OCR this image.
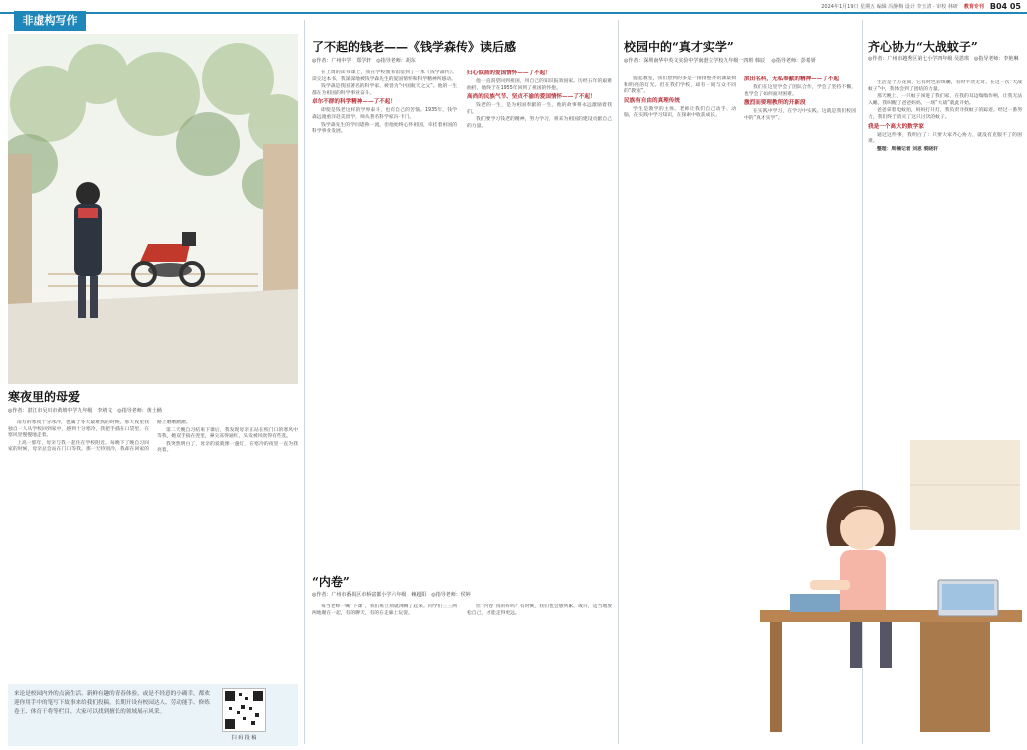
非虚构写作
2024年1月19日 星期五 编辑 冯静梅 设计 李玉清 · 审校 林研 教育专刊 B04 05
寒夜里的母爱
◎作者：湛江市吴川市黄坡中学九年级　李靖文　◎指导老师：黄土桶

南方的寒夜十分冰冷，也属于冬天最难熬的时候。那天夜里我独自一人从学校回到家中，感到十分寒冷，我把手插在口袋里，在寒风里慢慢地走着。

上高一那年，母亲与我一起住在学校附近。每晚下了晚自习回家的时候，母亲总会站在门口等我。那一天特别冷，我却在回家的路上磨磨蹭蹭。

第二天晚自习结束下课后，我发现母亲正站在校门口的寒风中等我。她双手揣在兜里，鼻尖冻得通红，头发被风吹得有些乱。

我突然明白了，母亲的爱就像一盏灯，在寒冷的夜里一直为我亮着。

来论是校园内外的点滴生活、新鲜有趣的青春体验，或是不经意的小确幸，都欢迎你用手中的笔写下故事来给我们投稿。长期开设有校园达人、劳动能手、修炼卷王、体育干将等栏目，大家可以找到擅长的领域展示风采。
扫 码 投 稿
了不起的钱老——《钱学森传》读后感
◎作者：广州中学　郑学轩　◎指导老师：胡东

在上周的读书课上，我在学校图书馆借到了一本《钱学森传》。读完这本书，我深深地被钱学森先生的爱国情怀和科学精神所感动。

钱学森是我国著名的科学家，被誉为“中国航天之父”。他的一生都在为祖国的科学事业奋斗。

卓尔不群的科学精神——了不起！

即使是钱老这样的学界泰斗，也有自己的苦恼。1935年，钱学森远渡重洋赴美留学，师从著名科学家冯·卡门。

钱学森先生的学问堪称一流，但他始终心怀祖国，牵挂着祖国的科学事业发展。

归心似箭的爱国情怀——了不起！

他一直渴望回到祖国，用自己的知识报效国家。历经五年的艰难曲折，他终于在1955年回到了祖国的怀抱。

高尚的民族气节、坚贞不渝的爱国情怀——了不起！

钱老的一生，是为祖国奉献的一生。他的故事将永远激励着我们。

我们要学习钱老的精神，努力学习，将来为祖国的建设贡献自己的力量。

“内卷”
◎作者：广州市番禺区市桥富都小学六年级　赖超阳　◎指导老师：侯婷

每当老师一喊“下课”，我们班立刻就沸腾了起来。同学们三三两两地聚在一起，有的聊天，有的在走廊上玩耍。

但“内卷”真的好吗？有时候，我们也会感到累。或许，适当地放松自己，才能走得更远。

校园中的“真才实学”
◎作者：深圳南华中英文实验中学南澄立学校九年级一四班 韩辰 　◎指导老师：彭希妍

提起教室，我们想到的多是一排排整齐的课桌椅和明亮的灯光。但在我们学校，却有一间与众不同的“教室”。

民族有自由的真理传统

学生是教学的主体。老师让我们自己动手、动脑，在实践中学习知识，在探索中收获成长。

滨田名科，无私奉献的精神——了不起

我们在这里学会了团队合作，学会了坚持不懈，也学会了如何面对困难。

激烈而要理教所的开新段

在实践中学习，在学习中实践。这就是我们校园中的“真才实学”。

齐心协力“大战蚊子”
◎作者：广州市越秀区第七小学四年级 吴恩琪　◎指导老师：李艳琳

生活是个万花筒，它有时色彩斑斓，有时平淡无奇。在这一次“大战蚊子”中，我体会到了团结的力量。

那天晚上，一只蚊子闯进了我们家，在我的耳边嗡嗡作响，让我无法入睡。我叫醒了爸爸妈妈，一场“大战”就此开始。

爸爸拿着电蚊拍，妈妈打开灯，我负责寻找蚊子的踪迹。经过一番努力，我们终于消灭了这只讨厌的蚊子。

我是一个高大的数学家

通过这件事，我明白了：只要大家齐心协力，就没有克服不了的困难。

整理：周楠记者 刘思 裘晓轩
